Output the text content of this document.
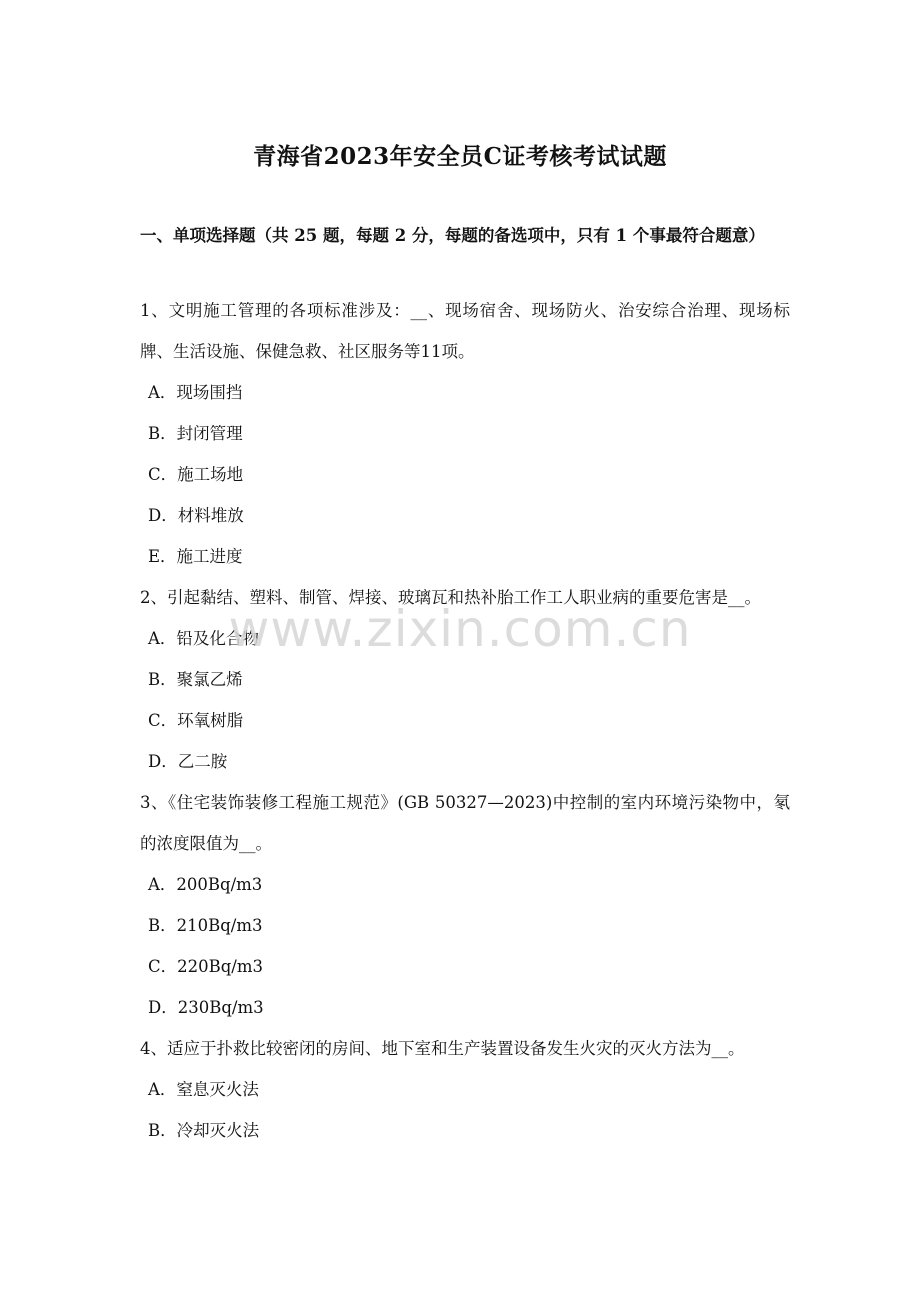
青海省2023年安全员C证考核考试试题
一、单项选择题（共 25 题，每题 2 分，每题的备选项中，只有 1 个事最符合题意）

1、文明施工管理的各项标准涉及：__、现场宿舍、现场防火、治安综合治理、现场标牌、生活设施、保健急救、社区服务等11项。

A．现场围挡

B．封闭管理

C．施工场地

D．材料堆放

E．施工进度

2、引起黏结、塑料、制管、焊接、玻璃瓦和热补胎工作工人职业病的重要危害是__。

A．铅及化合物

B．聚氯乙烯

C．环氧树脂

D．乙二胺

3、《住宅装饰装修工程施工规范》(GB 50327—2023)中控制的室内环境污染物中，氡的浓度限值为__。

A．200Bq/m3

B．210Bq/m3

C．220Bq/m3

D．230Bq/m3

4、适应于扑救比较密闭的房间、地下室和生产装置设备发生火灾的灭火方法为__。

A．窒息灭火法

B．冷却灭火法

www.zixin.com.cn
